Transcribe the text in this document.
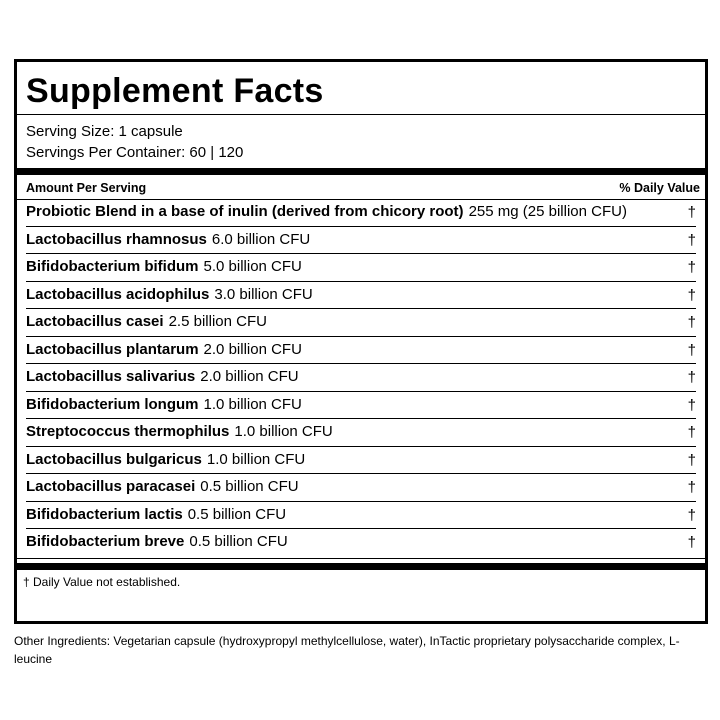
Supplement Facts
Serving Size: 1 capsule
Servings Per Container: 60 | 120
Amount Per Serving	% Daily Value
Probiotic Blend in a base of inulin (derived from chicory root) 255 mg (25 billion CFU)	†
Lactobacillus rhamnosus 6.0 billion CFU	†
Bifidobacterium bifidum 5.0 billion CFU	†
Lactobacillus acidophilus 3.0 billion CFU	†
Lactobacillus casei 2.5 billion CFU	†
Lactobacillus plantarum 2.0 billion CFU	†
Lactobacillus salivarius 2.0 billion CFU	†
Bifidobacterium longum 1.0 billion CFU	†
Streptococcus thermophilus 1.0 billion CFU	†
Lactobacillus bulgaricus 1.0 billion CFU	†
Lactobacillus paracasei 0.5 billion CFU	†
Bifidobacterium lactis 0.5 billion CFU	†
Bifidobacterium breve 0.5 billion CFU	†
† Daily Value not established.
Other Ingredients: Vegetarian capsule (hydroxypropyl methylcellulose, water), InTactic proprietary polysaccharide complex, L-leucine
